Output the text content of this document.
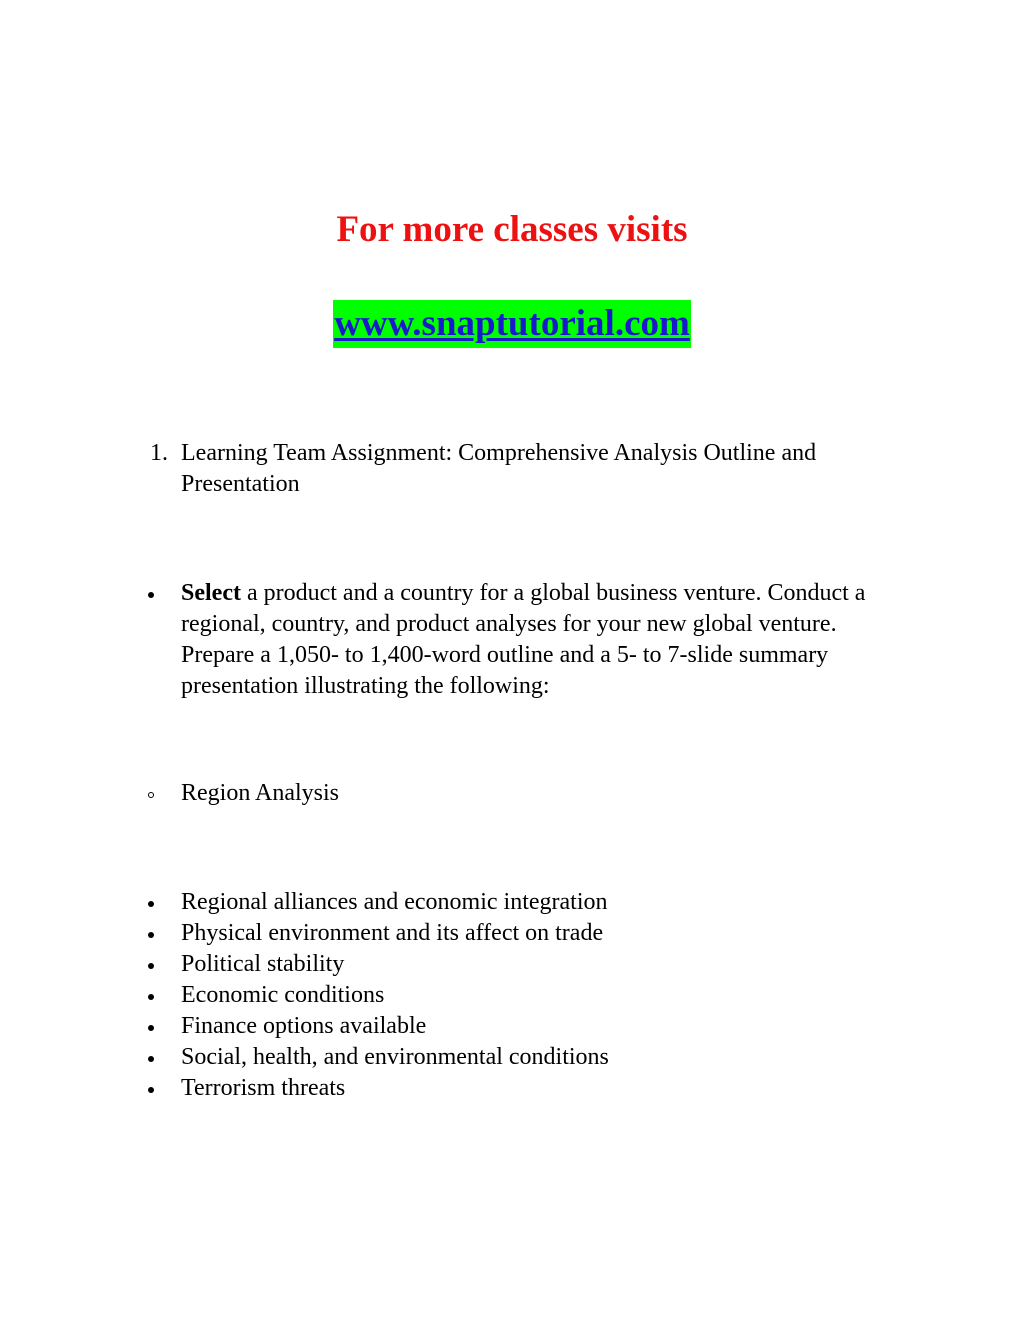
For more classes visits
www.snaptutorial.com
1. Learning Team Assignment: Comprehensive Analysis Outline and Presentation
Select a product and a country for a global business venture. Conduct a regional, country, and product analyses for your new global venture. Prepare a 1,050- to 1,400-word outline and a 5- to 7-slide summary presentation illustrating the following:
Region Analysis
Regional alliances and economic integration
Physical environment and its affect on trade
Political stability
Economic conditions
Finance options available
Social, health, and environmental conditions
Terrorism threats
